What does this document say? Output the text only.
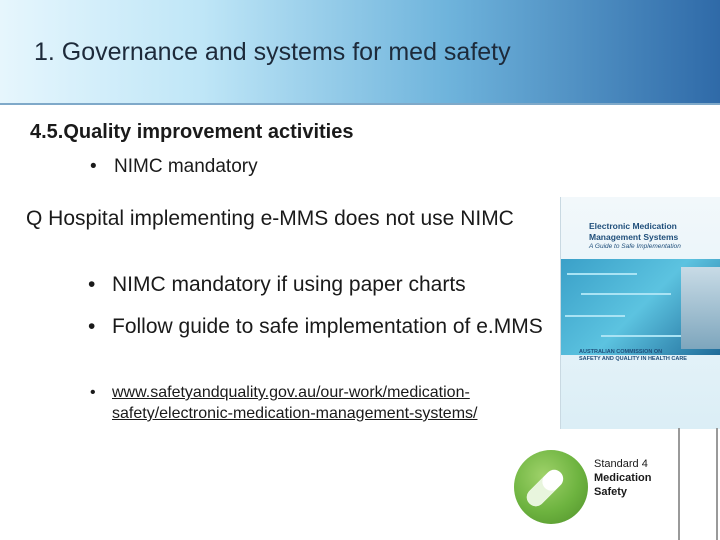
1. Governance and systems for med safety
4.5.Quality improvement activities
• NIMC mandatory
Q Hospital implementing e-MMS does not use NIMC
• NIMC mandatory if using paper charts
• Follow guide to safe implementation of e.MMS
• www.safetyandquality.gov.au/our-work/medication-safety/electronic-medication-management-systems/
Electronic Medication Management Systems
A Guide to Safe Implementation
AUSTRALIAN COMMISSION ON
SAFETY AND QUALITY IN HEALTH CARE
Standard 4
Medication
Safety
